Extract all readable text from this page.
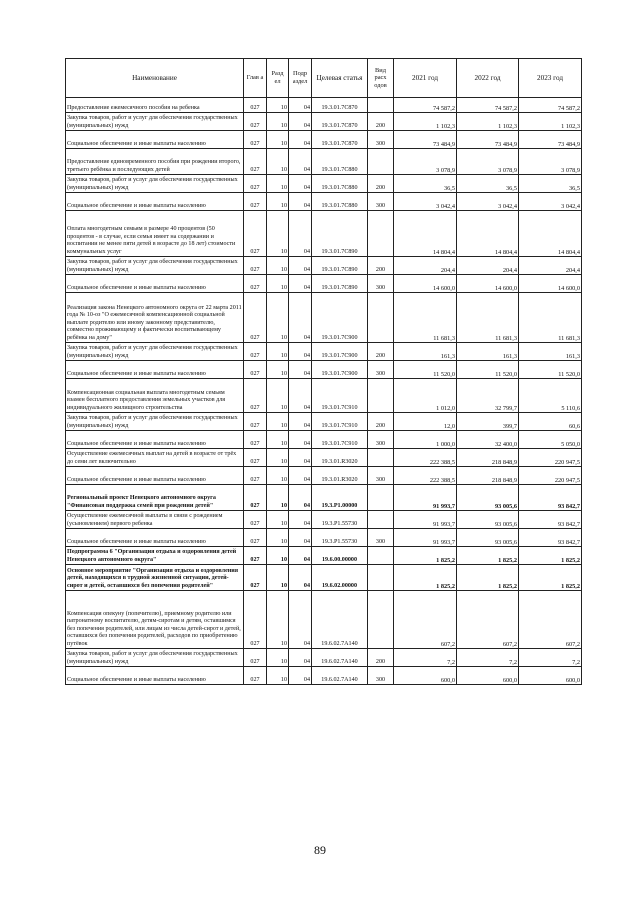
Наименование	Глав а	Разд ел	Подр аздел	Целевая статья	Вид расх одов	2021 год	2022 год	2023 год
Предоставление ежемесячного пособия на ребенка	027	10	04	19.3.01.7С870		74 587,2	74 587,2	74 587,2
Закупка товаров, работ и услуг для обеспечения государственных (муниципальных) нужд	027	10	04	19.3.01.7С870	200	1 102,3	1 102,3	1 102,3
Социальное обеспечение и иные выплаты населению	027	10	04	19.3.01.7С870	300	73 484,9	73 484,9	73 484,9
Предоставление единовременного пособия при рождении второго, третьего ребёнка и последующих детей	027	10	04	19.3.01.7С880		3 078,9	3 078,9	3 078,9
Закупка товаров, работ и услуг для обеспечения государственных (муниципальных) нужд	027	10	04	19.3.01.7С880	200	36,5	36,5	36,5
Социальное обеспечение и иные выплаты населению	027	10	04	19.3.01.7С880	300	3 042,4	3 042,4	3 042,4
Оплата многодетным семьям в размере 40 процентов (50 процентов - в случае, если семья имеет на содержании и воспитании не менее пяти детей в возрасте до 18 лет) стоимости коммунальных услуг	027	10	04	19.3.01.7С890		14 804,4	14 804,4	14 804,4
Закупка товаров, работ и услуг для обеспечения государственных (муниципальных) нужд	027	10	04	19.3.01.7С890	200	204,4	204,4	204,4
Социальное обеспечение и иные выплаты населению	027	10	04	19.3.01.7С890	300	14 600,0	14 600,0	14 600,0
Реализация закона Ненецкого автономного округа от 22 марта 2011 года № 10-оз "О ежемесячной компенсационной социальной выплате родителю или иному законному представителю, совместно проживающему и фактически воспитывающему ребёнка на дому"	027	10	04	19.3.01.7С900		11 681,3	11 681,3	11 681,3
Закупка товаров, работ и услуг для обеспечения государственных (муниципальных) нужд	027	10	04	19.3.01.7С900	200	161,3	161,3	161,3
Социальное обеспечение и иные выплаты населению	027	10	04	19.3.01.7С900	300	11 520,0	11 520,0	11 520,0
Компенсационная социальная выплата многодетным семьям взамен бесплатного предоставления земельных участков для индивидуального жилищного строительства	027	10	04	19.3.01.7С910		1 012,0	32 799,7	5 110,6
Закупка товаров, работ и услуг для обеспечения государственных (муниципальных) нужд	027	10	04	19.3.01.7С910	200	12,0	399,7	60,6
Социальное обеспечение и иные выплаты населению	027	10	04	19.3.01.7С910	300	1 000,0	32 400,0	5 050,0
Осуществление ежемесячных выплат на детей в возрасте от трёх до семи лет включительно	027	10	04	19.3.01.R3020		222 388,5	218 848,9	220 947,5
Социальное обеспечение и иные выплаты населению	027	10	04	19.3.01.R3020	300	222 388,5	218 848,9	220 947,5
Региональный проект Ненецкого автономного округа "Финансовая поддержка семей при рождении детей"	027	10	04	19.3.P1.00000		91 993,7	93 005,6	93 842,7
Осуществление ежемесячной выплаты в связи с рождением (усыновлением) первого ребенка	027	10	04	19.3.P1.55730		91 993,7	93 005,6	93 842,7
Социальное обеспечение и иные выплаты населению	027	10	04	19.3.P1.55730	300	91 993,7	93 005,6	93 842,7
Подпрограмма 6 "Организация отдыха и оздоровления детей Ненецкого автономного округа"	027	10	04	19.6.00.00000		1 825,2	1 825,2	1 825,2
Основное мероприятие "Организация отдыха и оздоровления детей, находящихся в трудной жизненной ситуации, детей-сирот и детей, оставшихся без попечения родителей"	027	10	04	19.6.02.00000		1 825,2	1 825,2	1 825,2
Компенсация опекуну (попечителю), приемному родителю или патронатному воспитателю, детям-сиротам и детям, оставшимся без попечения родителей, или лицам из числа детей-сирот и детей, оставшихся без попечения родителей, расходов по приобретению путёвок	027	10	04	19.6.02.7А140		607,2	607,2	607,2
Закупка товаров, работ и услуг для обеспечения государственных (муниципальных) нужд	027	10	04	19.6.02.7А140	200	7,2	7,2	7,2
Социальное обеспечение и иные выплаты населению	027	10	04	19.6.02.7А140	300	600,0	600,0	600,0
89
